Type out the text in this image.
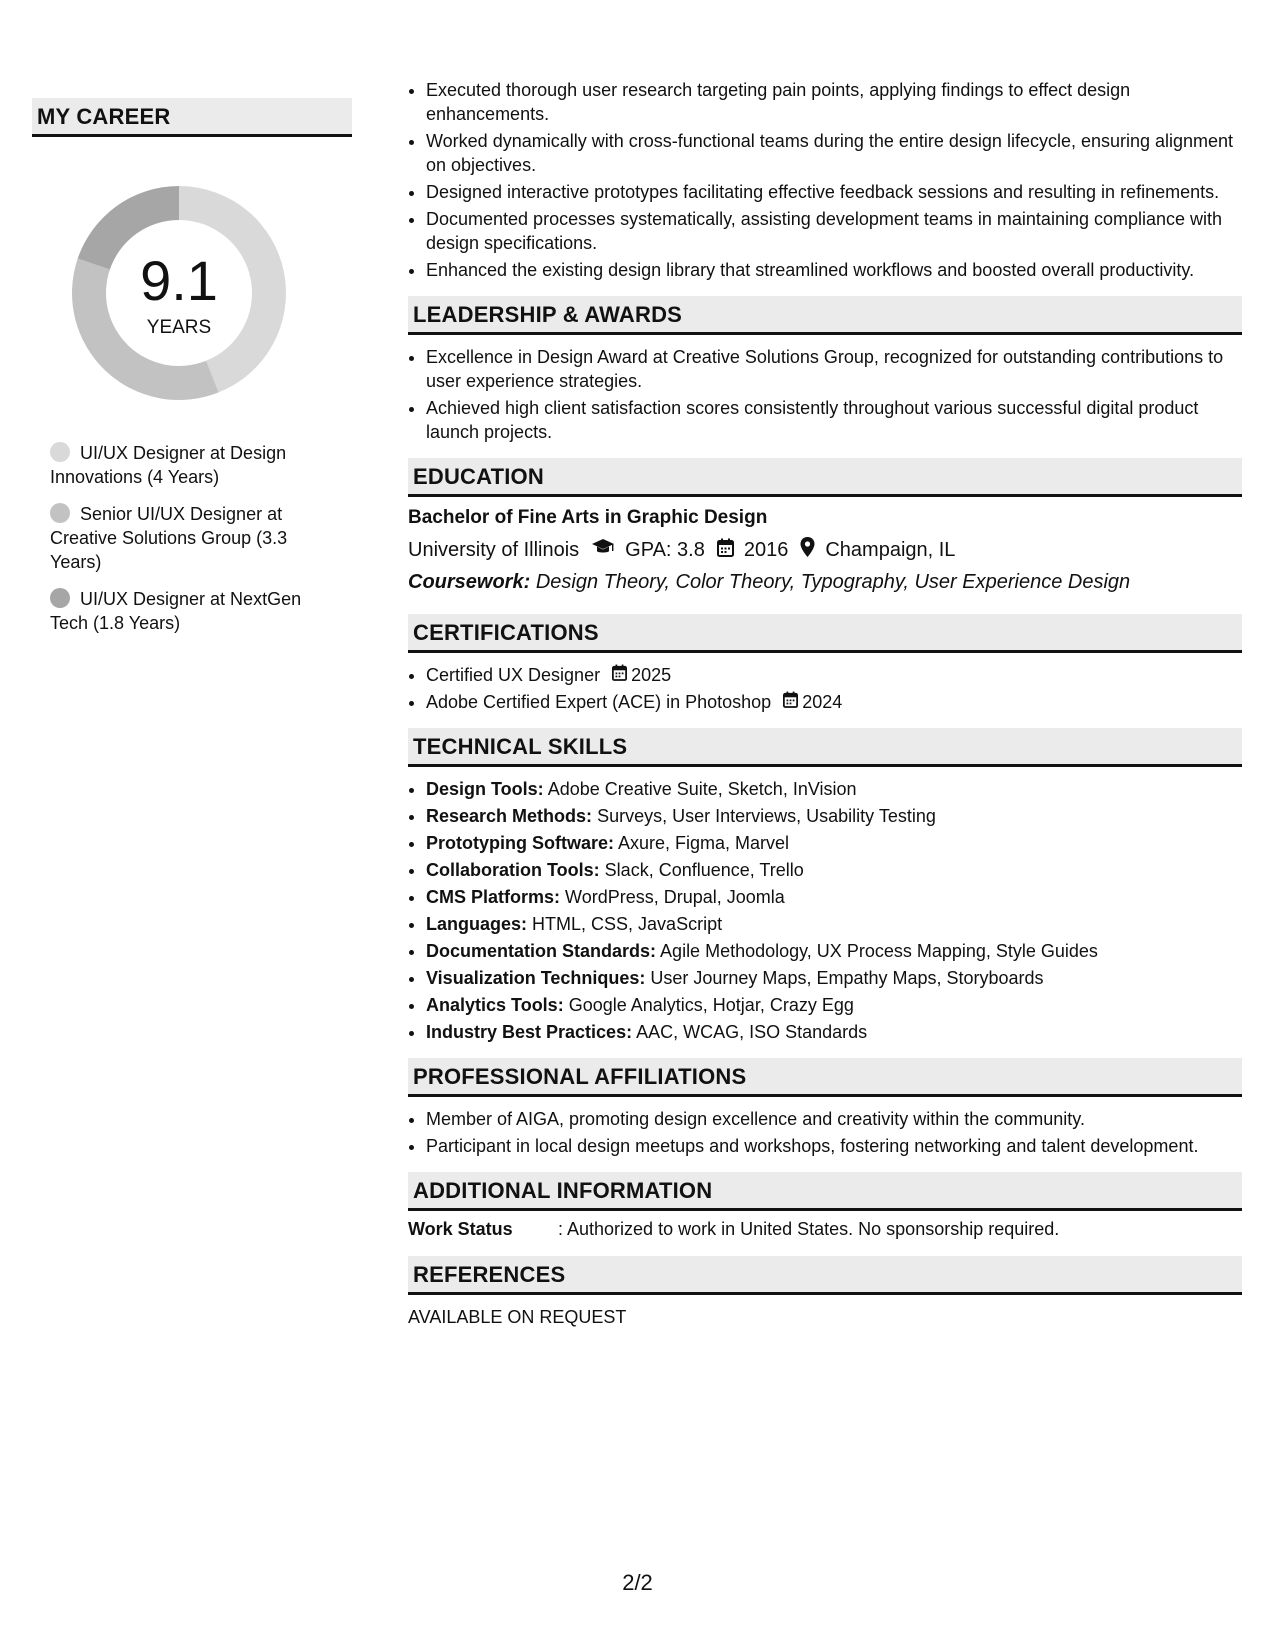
MY CAREER
9.1
YEARS
UI/UX Designer at Design Innovations (4 Years)
Senior UI/UX Designer at Creative Solutions Group (3.3 Years)
UI/UX Designer at NextGen Tech (1.8 Years)
• Executed thorough user research targeting pain points, applying findings to effect design enhancements.
• Worked dynamically with cross-functional teams during the entire design lifecycle, ensuring alignment on objectives.
• Designed interactive prototypes facilitating effective feedback sessions and resulting in refinements.
• Documented processes systematically, assisting development teams in maintaining compliance with design specifications.
• Enhanced the existing design library that streamlined workflows and boosted overall productivity.
LEADERSHIP & AWARDS
• Excellence in Design Award at Creative Solutions Group, recognized for outstanding contributions to user experience strategies.
• Achieved high client satisfaction scores consistently throughout various successful digital product launch projects.
EDUCATION
Bachelor of Fine Arts in Graphic Design
University of Illinois GPA: 3.8 2016 Champaign, IL
Coursework: Design Theory, Color Theory, Typography, User Experience Design
CERTIFICATIONS
• Certified UX Designer 2025
• Adobe Certified Expert (ACE) in Photoshop 2024
TECHNICAL SKILLS
• Design Tools: Adobe Creative Suite, Sketch, InVision
• Research Methods: Surveys, User Interviews, Usability Testing
• Prototyping Software: Axure, Figma, Marvel
• Collaboration Tools: Slack, Confluence, Trello
• CMS Platforms: WordPress, Drupal, Joomla
• Languages: HTML, CSS, JavaScript
• Documentation Standards: Agile Methodology, UX Process Mapping, Style Guides
• Visualization Techniques: User Journey Maps, Empathy Maps, Storyboards
• Analytics Tools: Google Analytics, Hotjar, Crazy Egg
• Industry Best Practices: AAC, WCAG, ISO Standards
PROFESSIONAL AFFILIATIONS
• Member of AIGA, promoting design excellence and creativity within the community.
• Participant in local design meetups and workshops, fostering networking and talent development.
ADDITIONAL INFORMATION
Work Status	: Authorized to work in United States. No sponsorship required.
REFERENCES
AVAILABLE ON REQUEST
2/2
